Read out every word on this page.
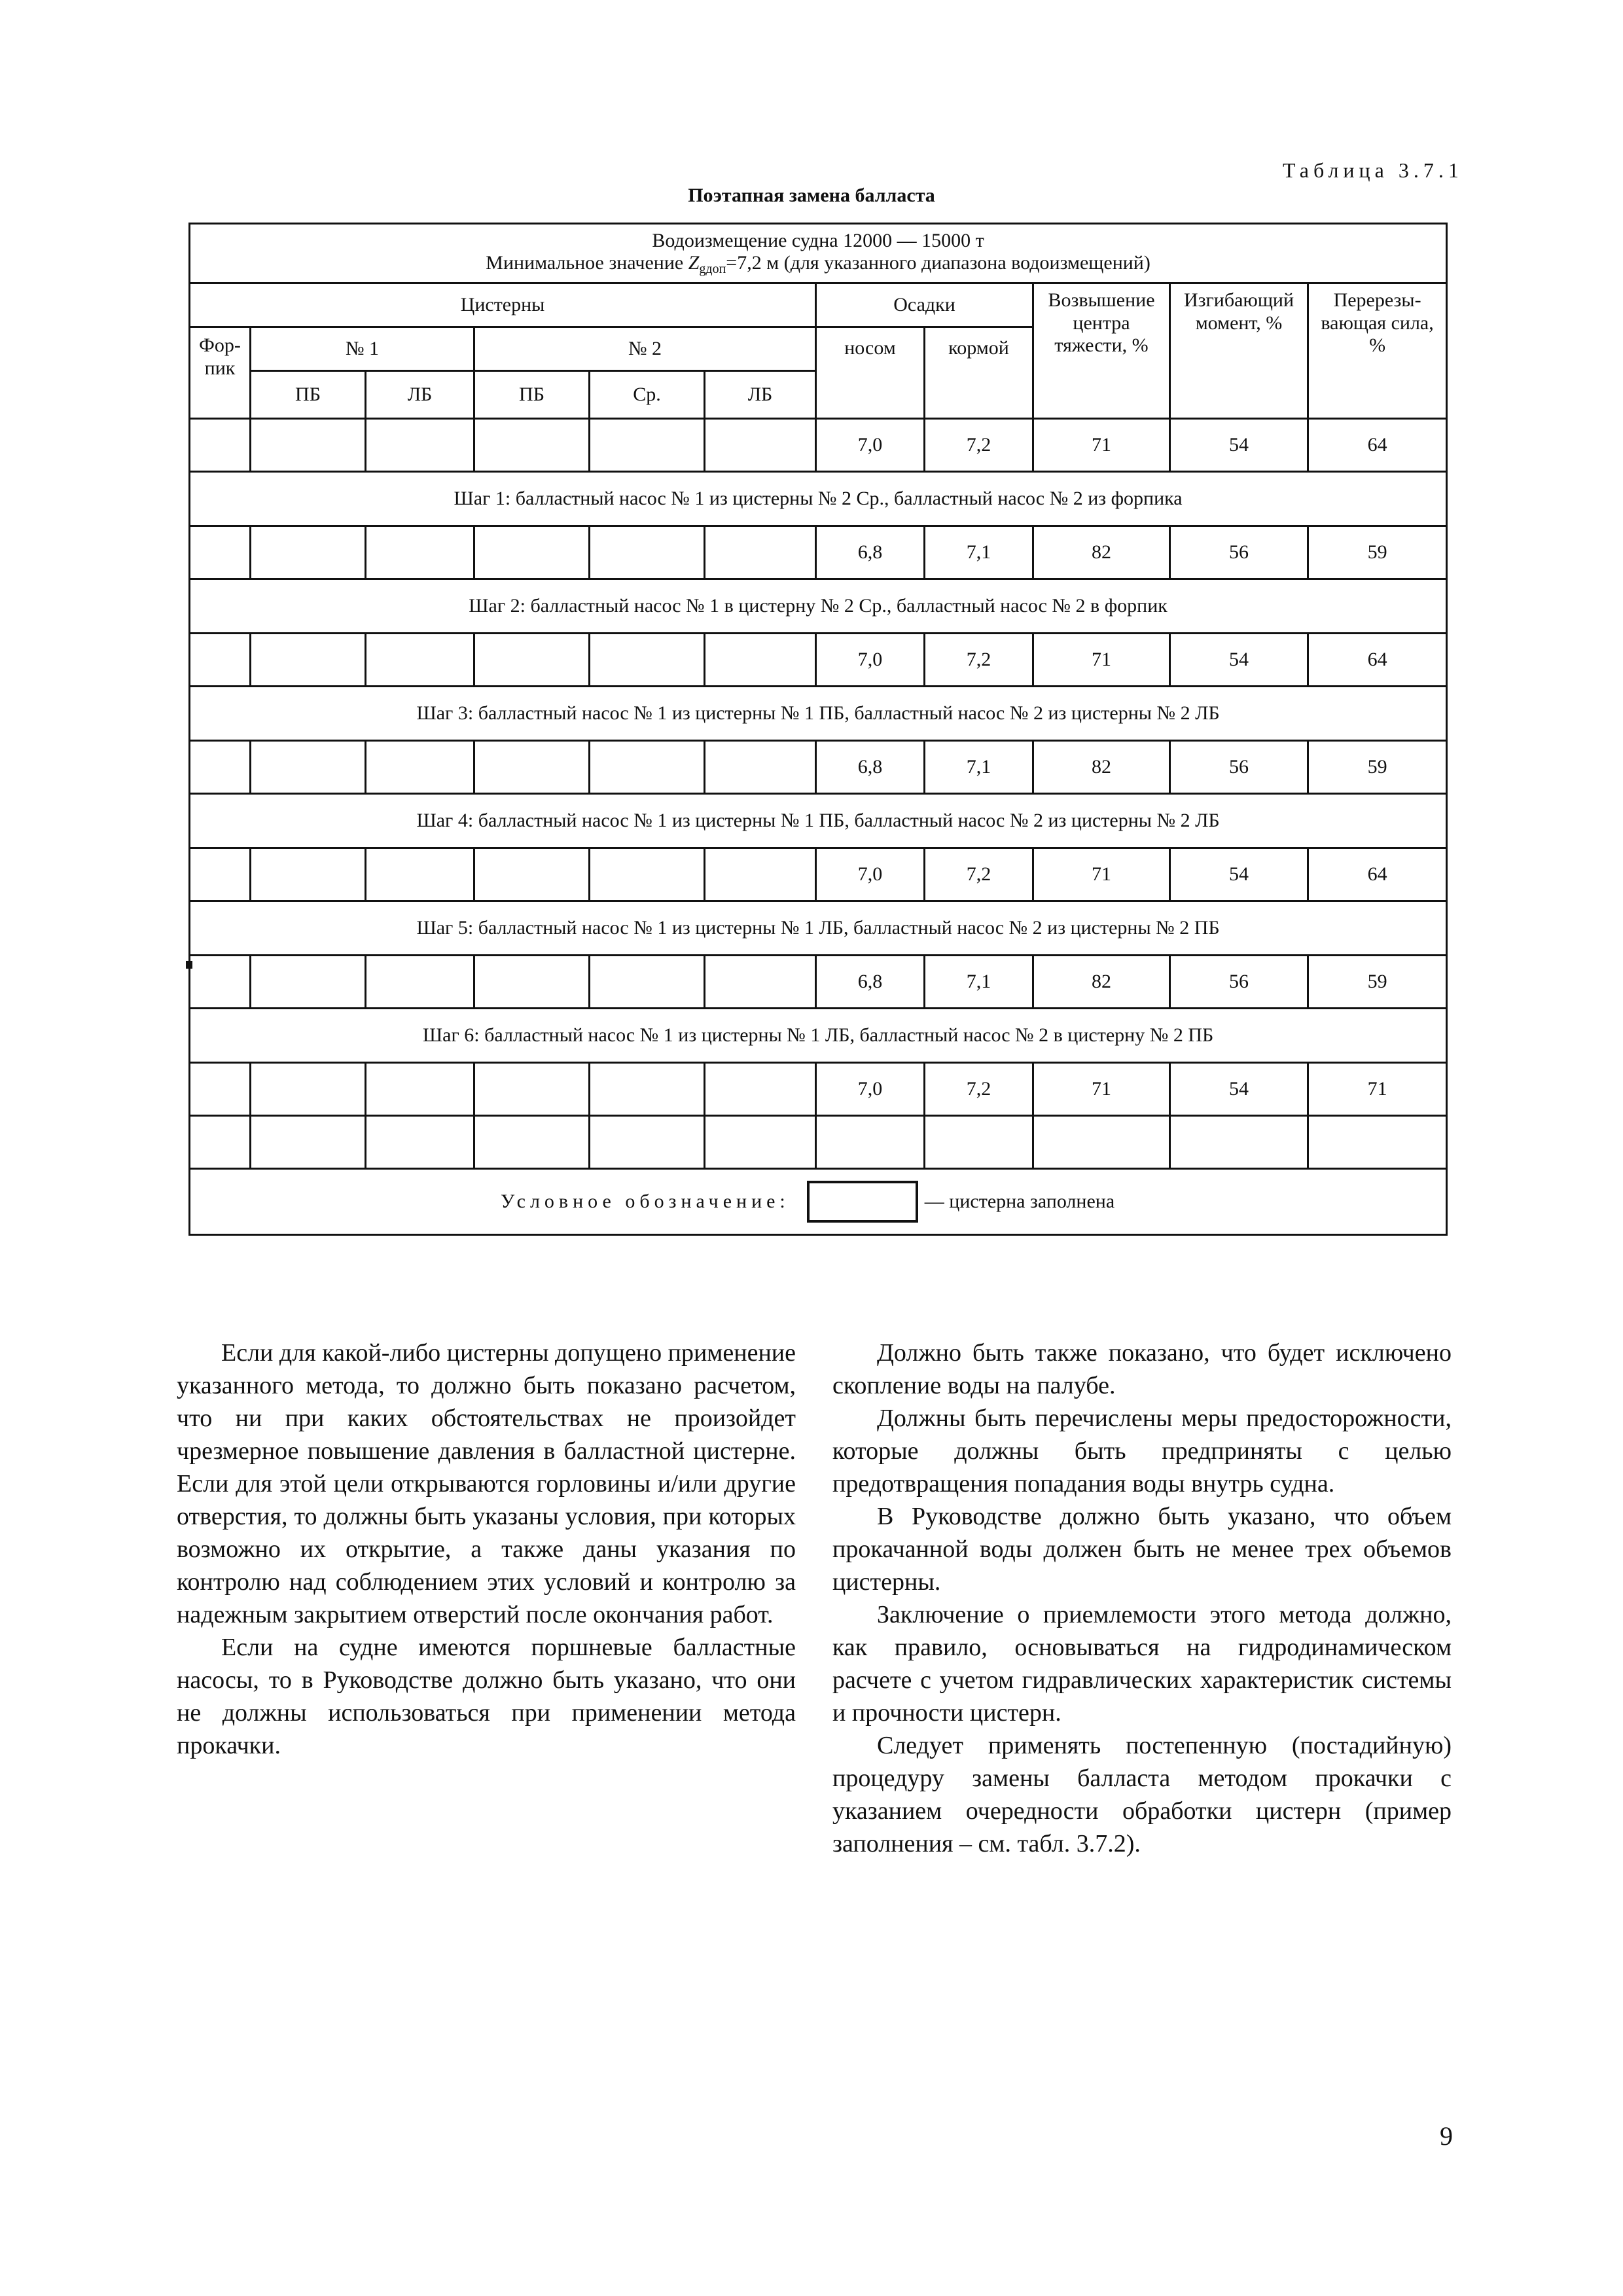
Таблица 3.7.1
Поэтапная замена балласта
Водоизмещение судна 12000 — 15000 т
Минимальное значение $Z_{gдоп}=7,2$ м (для указанного диапазона водоизмещений)										

Цистерны						Осадки		Возвышение центра тяжести, %	Изгибающий момент, %	Перерезы-вающая сила, %
Фор-пик	№ 1		№ 2			носом	кормой			
	ПБ	ЛБ	ПБ	Ср.	ЛБ					
						7,0	7,2	71	54	64
Шаг 1: балластный насос № 1 из цистерны № 2 Ср., балластный насос № 2 из форпика										
						6,8	7,1	82	56	59
Шаг 2: балластный насос № 1 в цистерну № 2 Ср., балластный насос № 2 в форпик										
						7,0	7,2	71	54	64
Шаг 3: балластный насос № 1 из цистерны № 1 ПБ, балластный насос № 2 из цистерны № 2 ЛБ										
						6,8	7,1	82	56	59
Шаг 4: балластный насос № 1 из цистерны № 1 ПБ, балластный насос № 2 из цистерны № 2 ЛБ										
						7,0	7,2	71	54	64
Шаг 5: балластный насос № 1 из цистерны № 1 ЛБ, балластный насос № 2 из цистерны № 2 ПБ										
						6,8	7,1	82	56	59
Шаг 6: балластный насос № 1 из цистерны № 1 ЛБ, балластный насос № 2 в цистерну № 2 ПБ										
						7,0	7,2	71	54	71

Условное обозначение: — цистерна заполнена										

Если для какой-либо цистерны допущено применение указанного метода, то должно быть показано расчетом, что ни при каких обстоятельствах не произойдет чрезмерное повышение давления в балластной цистерне. Если для этой цели открываются горловины и/или другие отверстия, то должны быть указаны условия, при которых возможно их открытие, а также даны указания по контролю над соблюдением этих условий и контролю за надежным закрытием отверстий после окончания работ.

Если на судне имеются поршневые балластные насосы, то в Руководстве должно быть указано, что они не должны использоваться при применении метода прокачки.

Должно быть также показано, что будет исключено скопление воды на палубе.

Должны быть перечислены меры предосторожности, которые должны быть предприняты с целью предотвращения попадания воды внутрь судна.

В Руководстве должно быть указано, что объем прокачанной воды должен быть не менее трех объемов цистерны.

Заключение о приемлемости этого метода должно, как правило, основываться на гидродинамическом расчете с учетом гидравлических характеристик системы и прочности цистерн.

Следует применять постепенную (постадийную) процедуру замены балласта методом прокачки с указанием очередности обработки цистерн (пример заполнения – см. табл. 3.7.2).

9
